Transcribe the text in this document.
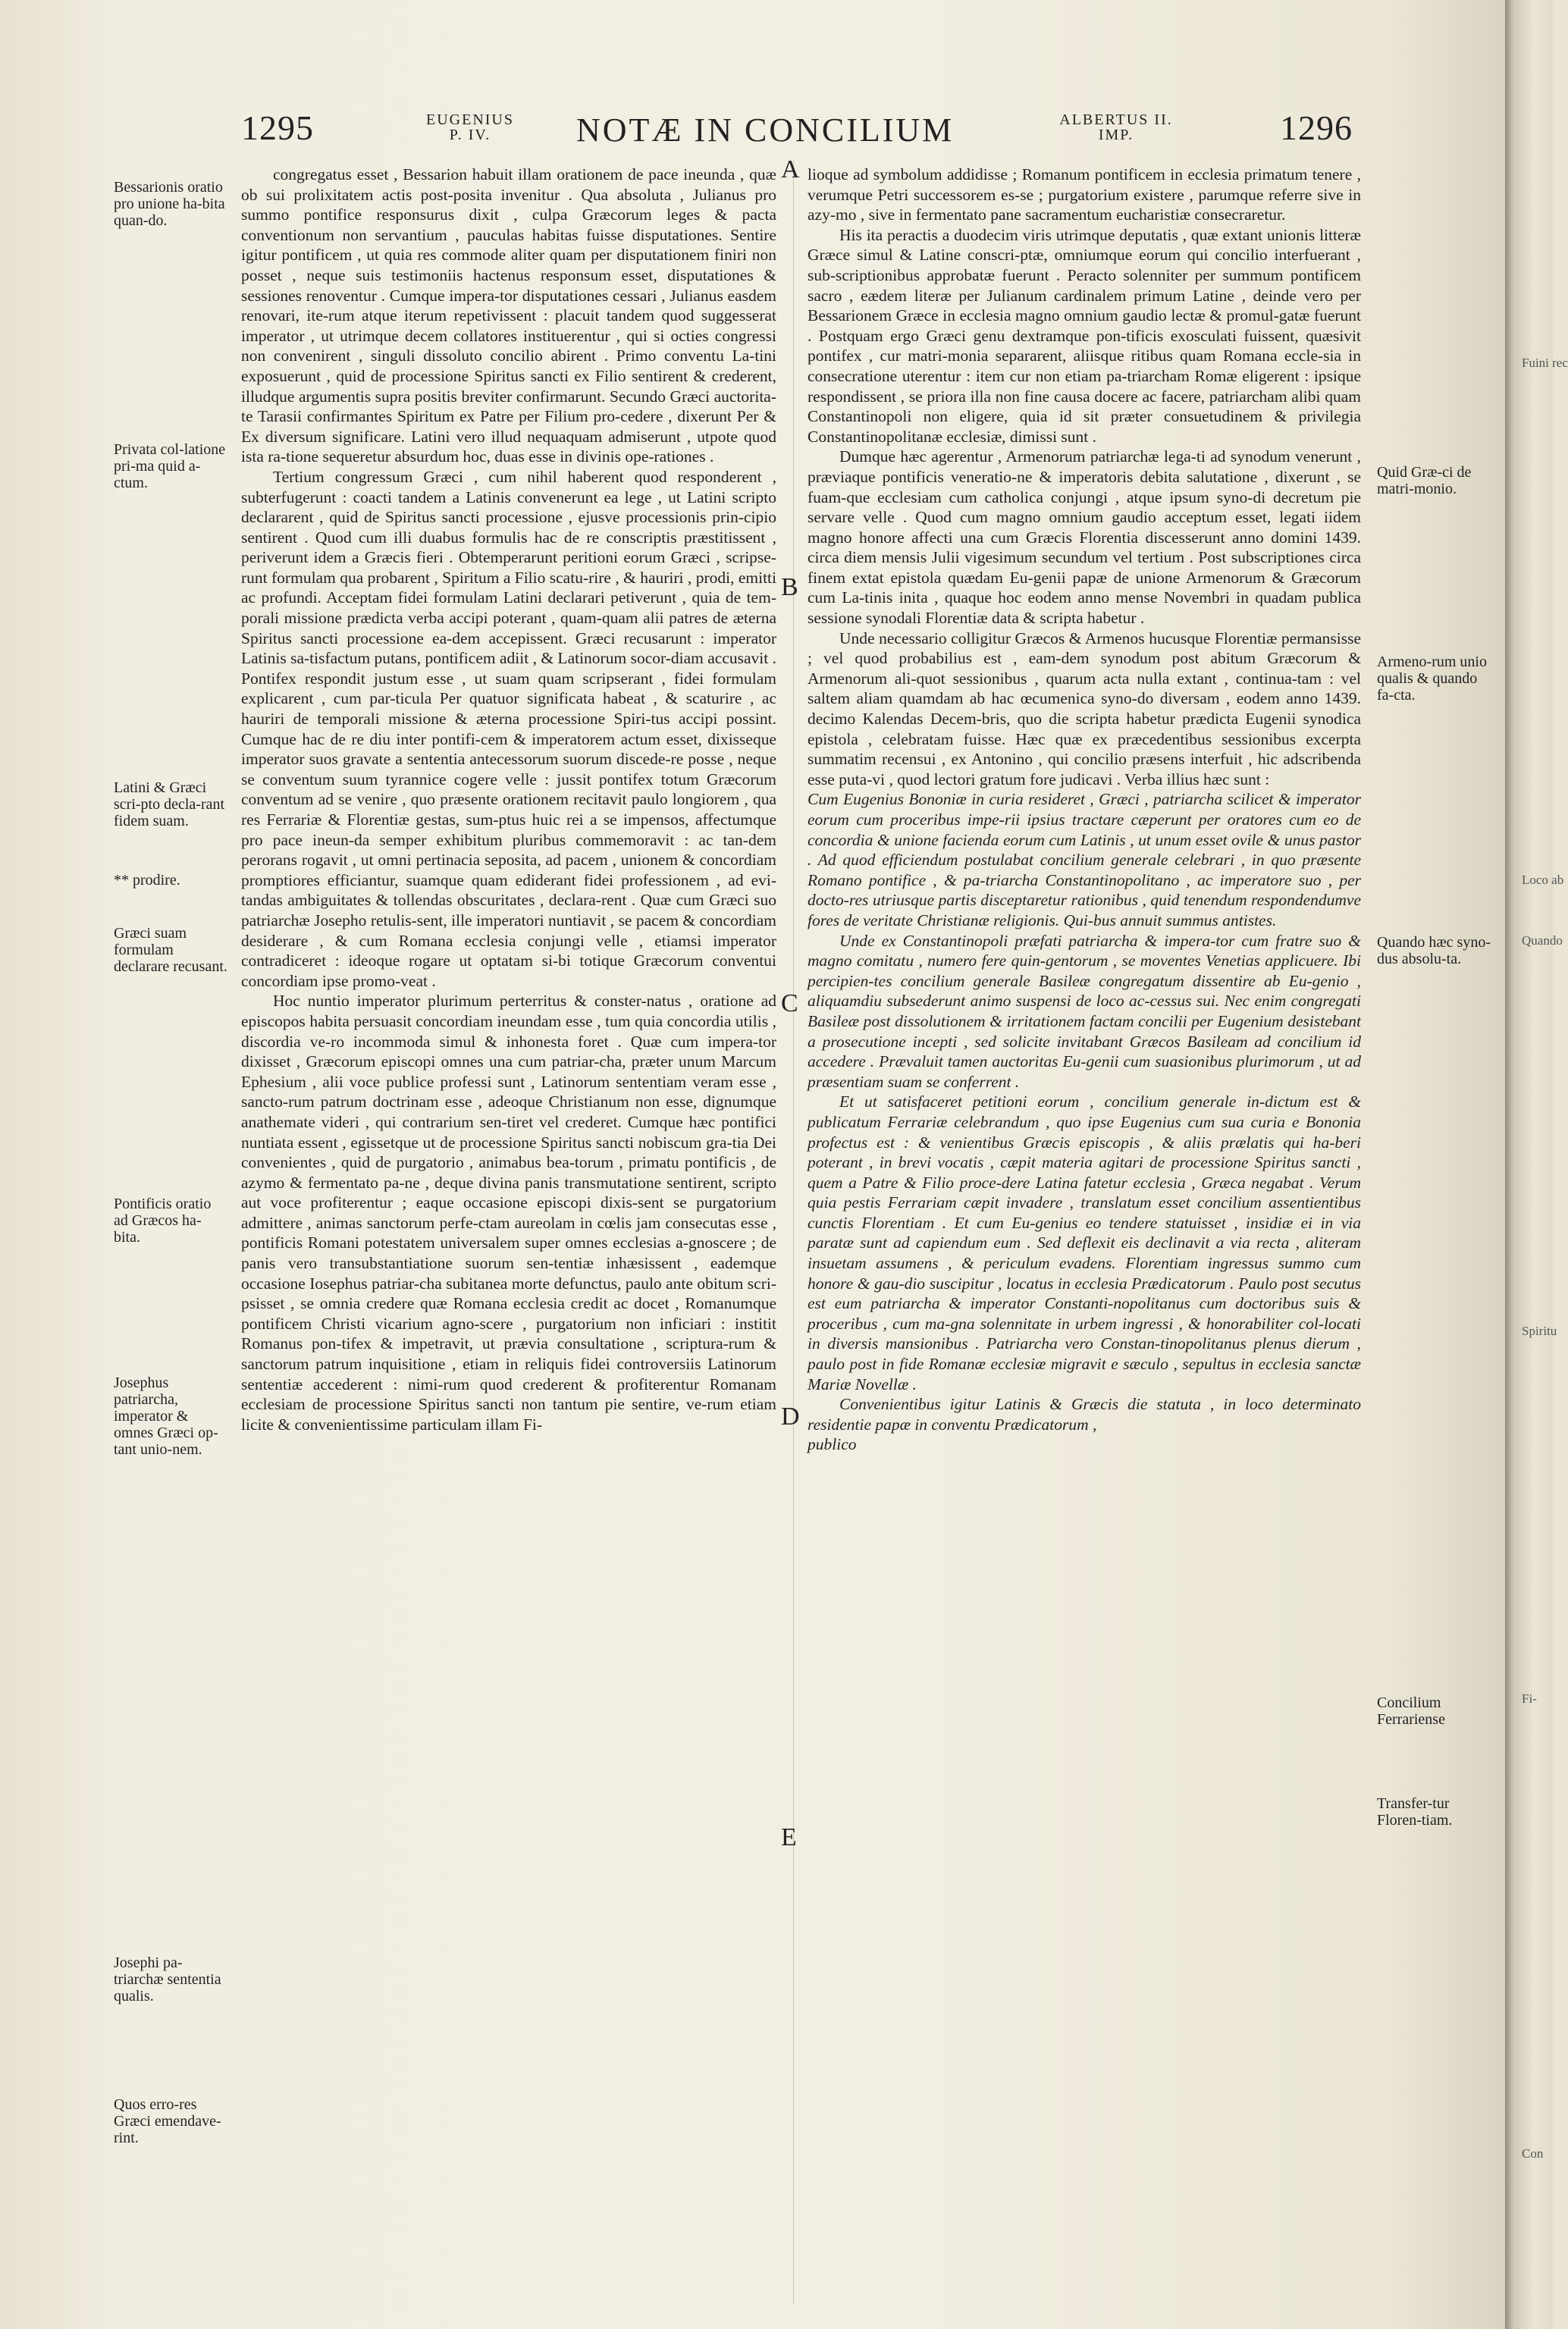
1295	EUGENIUS
P. IV.	NOTÆ IN CONCILIUM	ALBERTUS II.
IMP.	1296

congregatus esset , Bessarion habuit illam orationem de pace ineunda , quæ ob sui prolixitatem actis post-posita invenitur . Qua absoluta , Julianus pro summo pontifice responsurus dixit , culpa Græcorum leges & pacta conventionum non servantium , pauculas habitas fuisse disputationes. Sentire igitur pontificem , ut quia res commode aliter quam per disputationem finiri non posset , neque suis testimoniis hactenus responsum esset, disputationes & sessiones renoventur . Cumque impera-tor disputationes cessari , Julianus easdem renovari, ite-rum atque iterum repetivissent : placuit tandem quod suggesserat imperator , ut utrimque decem collatores instituerentur , qui si octies congressi non convenirent , singuli dissoluto concilio abirent . Primo conventu La-tini exposuerunt , quid de processione Spiritus sancti ex Filio sentirent & crederent, illudque argumentis supra positis breviter confirmarunt. Secundo Græci auctorita-te Tarasii confirmantes Spiritum ex Patre per Filium pro-cedere , dixerunt Per & Ex diversum significare. Latini vero illud nequaquam admiserunt , utpote quod ista ra-tione sequeretur absurdum hoc, duas esse in divinis ope-rationes .

Tertium congressum Græci , cum nihil haberent quod responderent , subterfugerunt : coacti tandem a Latinis convenerunt ea lege , ut Latini scripto declararent , quid de Spiritus sancti processione , ejusve processionis prin-cipio sentirent . Quod cum illi duabus formulis hac de re conscriptis præstitissent , periverunt idem a Græcis fieri . Obtemperarunt peritioni eorum Græci , scripse-runt formulam qua probarent , Spiritum a Filio scatu-rire , & hauriri , prodi, emitti ac profundi. Acceptam fidei formulam Latini declarari petiverunt , quia de tem-porali missione prædicta verba accipi poterant , quam-quam alii patres de æterna Spiritus sancti processione ea-dem accepissent. Græci recusarunt : imperator Latinis sa-tisfactum putans, pontificem adiit , & Latinorum socor-diam accusavit . Pontifex respondit justum esse , ut suam quam scripserant , fidei formulam explicarent , cum par-ticula Per quatuor significata habeat , & scaturire , ac hauriri de temporali missione & æterna processione Spiri-tus accipi possint. Cumque hac de re diu inter pontifi-cem & imperatorem actum esset, dixisseque imperator suos gravate a sententia antecessorum suorum discede-re posse , neque se conventum suum tyrannice cogere velle : jussit pontifex totum Græcorum conventum ad se venire , quo præsente orationem recitavit paulo longiorem , qua res Ferrariæ & Florentiæ gestas, sum-ptus huic rei a se impensos, affectumque pro pace ineun-da semper exhibitum pluribus commemoravit : ac tan-dem perorans rogavit , ut omni pertinacia seposita, ad pacem , unionem & concordiam promptiores efficiantur, suamque quam ediderant fidei professionem , ad evi-tandas ambiguitates & tollendas obscuritates , declara-rent . Quæ cum Græci suo patriarchæ Josepho retulis-sent, ille imperatori nuntiavit , se pacem & concordiam desiderare , & cum Romana ecclesia conjungi velle , etiamsi imperator contradiceret : ideoque rogare ut optatam si-bi totique Græcorum conventui concordiam ipse promo-veat .

Hoc nuntio imperator plurimum perterritus & conster-natus , oratione ad episcopos habita persuasit concordiam ineundam esse , tum quia concordia utilis , discordia ve-ro incommoda simul & inhonesta foret . Quæ cum impera-tor dixisset , Græcorum episcopi omnes una cum patriar-cha, præter unum Marcum Ephesium , alii voce publice professi sunt , Latinorum sententiam veram esse , sancto-rum patrum doctrinam esse , adeoque Christianum non esse, dignumque anathemate videri , qui contrarium sen-tiret vel crederet. Cumque hæc pontifici nuntiata essent , egissetque ut de processione Spiritus sancti nobiscum gra-tia Dei convenientes , quid de purgatorio , animabus bea-torum , primatu pontificis , de azymo & fermentato pa-ne , deque divina panis transmutatione sentirent, scripto aut voce profiterentur ; eaque occasione episcopi dixis-sent se purgatorium admittere , animas sanctorum perfe-ctam aureolam in cœlis jam consecutas esse , pontificis Romani potestatem universalem super omnes ecclesias a-gnoscere ; de panis vero transubstantiatione suorum sen-tentiæ inhæsissent , eademque occasione Iosephus patriar-cha subitanea morte defunctus, paulo ante obitum scri-psisset , se omnia credere quæ Romana ecclesia credit ac docet , Romanumque pontificem Christi vicarium agno-scere , purgatorium non inficiari : institit Romanus pon-tifex & impetravit, ut prævia consultatione , scriptura-rum & sanctorum patrum inquisitione , etiam in reliquis fidei controversiis Latinorum sententiæ accederent : nimi-rum quod crederent & profiterentur Romanam ecclesiam de processione Spiritus sancti non tantum pie sentire, ve-rum etiam licite & convenientissime particulam illam Fi-

A
B
C
D
E

lioque ad symbolum addidisse ; Romanum pontificem in ecclesia primatum tenere , verumque Petri successorem es-se ; purgatorium existere , parumque referre sive in azy-mo , sive in fermentato pane sacramentum eucharistiæ consecraretur.

His ita peractis a duodecim viris utrimque deputatis , quæ extant unionis litteræ Græce simul & Latine conscri-ptæ, omniumque eorum qui concilio interfuerant , sub-scriptionibus approbatæ fuerunt . Peracto solenniter per summum pontificem sacro , eædem literæ per Julianum cardinalem primum Latine , deinde vero per Bessarionem Græce in ecclesia magno omnium gaudio lectæ & promul-gatæ fuerunt . Postquam ergo Græci genu dextramque pon-tificis exosculati fuissent, quæsivit pontifex , cur matri-monia separarent, aliisque ritibus quam Romana eccle-sia in consecratione uterentur : item cur non etiam pa-triarcham Romæ eligerent : ipsique respondissent , se priora illa non fine causa docere ac facere, patriarcham alibi quam Constantinopoli non eligere, quia id sit præter consuetudinem & privilegia Constantinopolitanæ ecclesiæ, dimissi sunt .

Dumque hæc agerentur , Armenorum patriarchæ lega-ti ad synodum venerunt , præviaque pontificis veneratio-ne & imperatoris debita salutatione , dixerunt , se fuam-que ecclesiam cum catholica conjungi , atque ipsum syno-di decretum pie servare velle . Quod cum magno omnium gaudio acceptum esset, legati iidem magno honore affecti una cum Græcis Florentia discesserunt anno domini 1439. circa diem mensis Julii vigesimum secundum vel tertium . Post subscriptiones circa finem extat epistola quædam Eu-genii papæ de unione Armenorum & Græcorum cum La-tinis inita , quaque hoc eodem anno mense Novembri in quadam publica sessione synodali Florentiæ data & scripta habetur .

Unde necessario colligitur Græcos & Armenos hucusque Florentiæ permansisse ; vel quod probabilius est , eam-dem synodum post abitum Græcorum & Armenorum ali-quot sessionibus , quarum acta nulla extant , continua-tam : vel saltem aliam quamdam ab hac œcumenica syno-do diversam , eodem anno 1439. decimo Kalendas Decem-bris, quo die scripta habetur prædicta Eugenii synodica epistola , celebratam fuisse. Hæc quæ ex præcedentibus sessionibus excerpta summatim recensui , ex Antonino , qui concilio præsens interfuit , hic adscribenda esse puta-vi , quod lectori gratum fore judicavi . Verba illius hæc sunt :

Cum Eugenius Bononiæ in curia resideret , Græci , patriarcha scilicet & imperator eorum cum proceribus impe-rii ipsius tractare cæperunt per oratores cum eo de concordia & unione facienda eorum cum Latinis , ut unum esset ovile & unus pastor . Ad quod efficiendum postulabat concilium generale celebrari , in quo præsente Romano pontifice , & pa-triarcha Constantinopolitano , ac imperatore suo , per docto-res utriusque partis disceptaretur rationibus , quid tenendum respondendumve fores de veritate Christianæ religionis. Qui-bus annuit summus antistes.

Unde ex Constantinopoli præfati patriarcha & impera-tor cum fratre suo & magno comitatu , numero fere quin-gentorum , se moventes Venetias applicuere. Ibi percipien-tes concilium generale Basileæ congregatum dissentire ab Eu-genio , aliquamdiu subsederunt animo suspensi de loco ac-cessus sui. Nec enim congregati Basileæ post dissolutionem & irritationem factam concilii per Eugenium desistebant a prosecutione incepti , sed solicite invitabant Græcos Basileam ad concilium id accedere . Prævaluit tamen auctoritas Eu-genii cum suasionibus plurimorum , ut ad præsentiam suam se conferrent .

Et ut satisfaceret petitioni eorum , concilium generale in-dictum est & publicatum Ferrariæ celebrandum , quo ipse Eugenius cum sua curia e Bononia profectus est : & venientibus Græcis episcopis , & aliis prælatis qui ha-beri poterant , in brevi vocatis , cæpit materia agitari de processione Spiritus sancti , quem a Patre & Filio proce-dere Latina fatetur ecclesia , Græca negabat . Verum quia pestis Ferrariam cæpit invadere , translatum esset concilium assentientibus cunctis Florentiam . Et cum Eu-genius eo tendere statuisset , insidiæ ei in via paratæ sunt ad capiendum eum . Sed deflexit eis declinavit a via recta , aliteram insuetam assumens , & periculum evadens. Florentiam ingressus summo cum honore & gau-dio suscipitur , locatus in ecclesia Prædicatorum . Paulo post secutus est eum patriarcha & imperator Constanti-nopolitanus cum doctoribus suis & proceribus , cum ma-gna solennitate in urbem ingressi , & honorabiliter col-locati in diversis mansionibus . Patriarcha vero Constan-tinopolitanus plenus dierum , paulo post in fide Romanæ ecclesiæ migravit e sæculo , sepultus in ecclesia sanctæ Mariæ Novellæ .

Convenientibus igitur Latinis & Græcis die statuta , in loco determinato residentie papæ in conventu Prædicatorum ,

publico

Bessarionis oratio pro unione ha-bita quan-do.
Privata col-latione pri-ma quid a-ctum.
Latini & Græci scri-pto decla-rant fidem suam.
** prodire.
Græci suam formulam declarare recusant.
Pontificis oratio ad Græcos ha-bita.
Josephus patriarcha, imperator & omnes Græci op-tant unio-nem.
Josephi pa-triarchæ sententia qualis.
Quos erro-res Græci emendave-rint.
Quid Græ-ci de matri-monio.
Armeno-rum unio qualis & quando fa-cta.
Quando hæc syno-dus absolu-ta.
Concilium Ferrariense
Transfer-tur Floren-tiam.
Fuini rec
Loco ab
Quando
Spiritu
Fi-
Con
